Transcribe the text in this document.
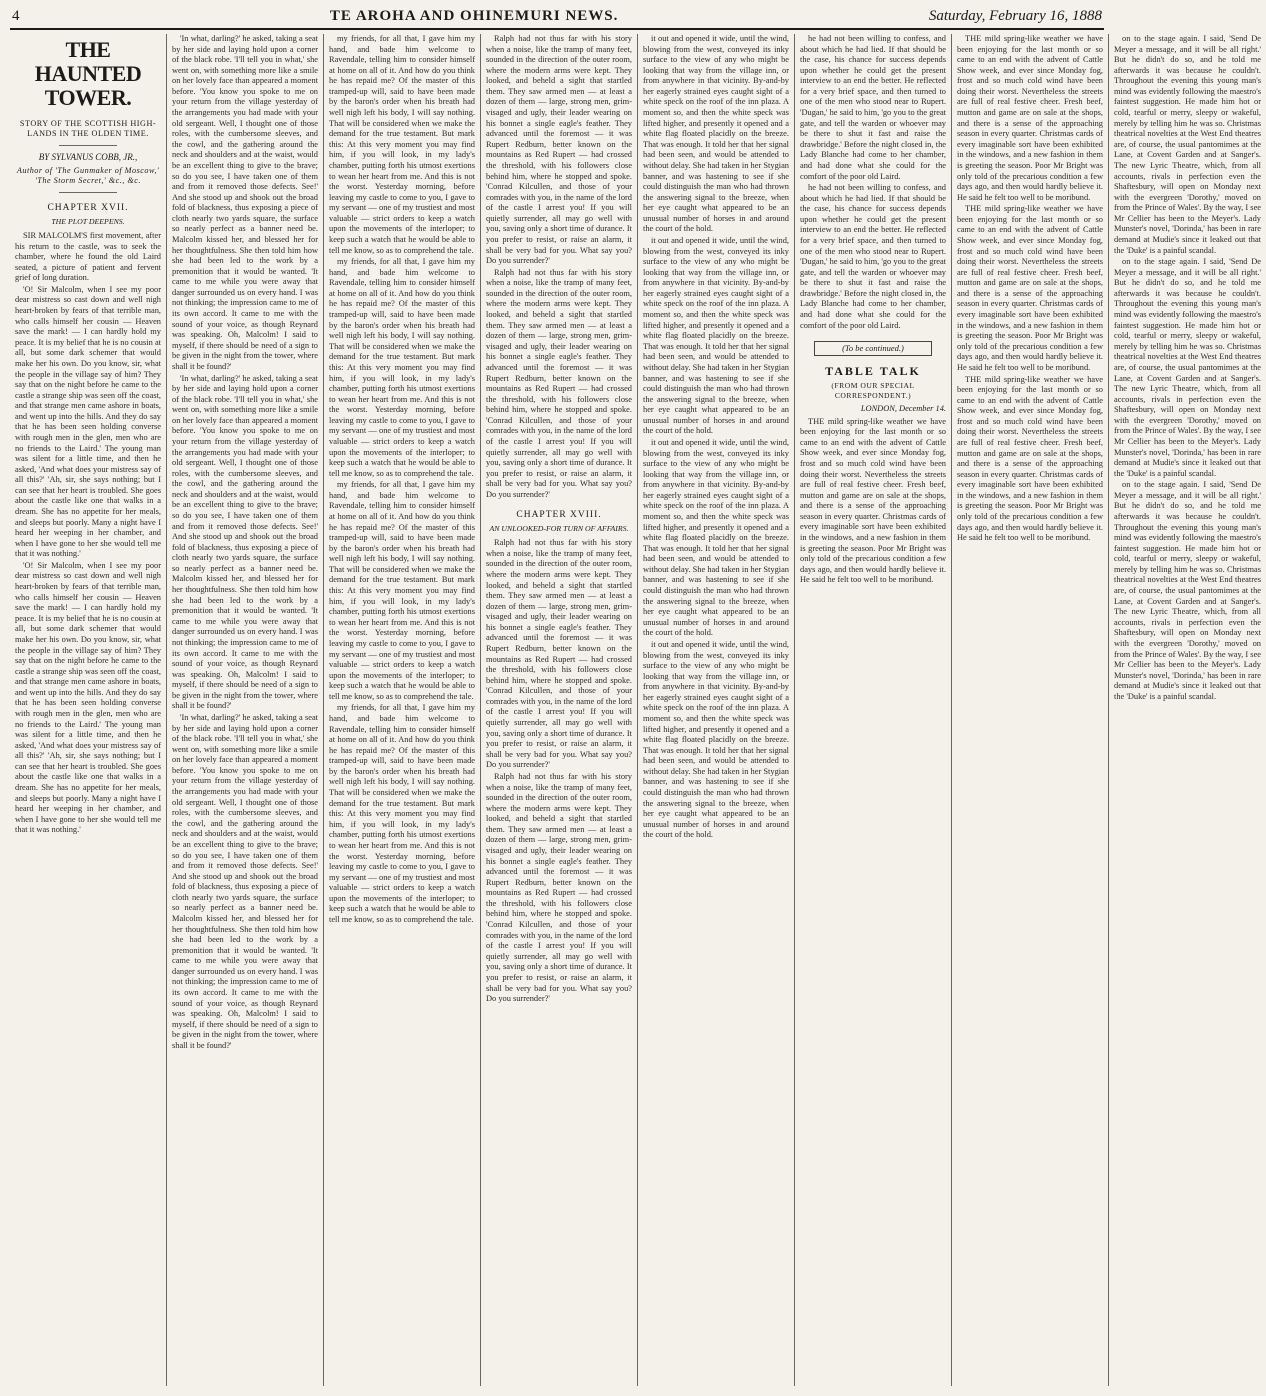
4	TE AROHA AND OHINEMURI NEWS.	Saturday, February 16, 1888
THE HAUNTED TOWER.

STORY OF THE SCOTTISH HIGH-LANDS IN THE OLDEN TIME.

BY SYLVANUS COBB, JR.,

Author of 'The Gunmaker of Moscow,' 'The Storm Secret,' &c., &c.

CHAPTER XVII.
THE PLOT DEEPENS.

SIR MALCOLM'S first movement, after his return to the castle, was to seek the chamber, where he found the old Laird seated, a picture of patient and fervent grief of long duration.

'O! Sir Malcolm, when I see my poor dear mistress so cast down and well nigh heart-broken by fears of that terrible man, who calls himself her cousin — Heaven save the mark! — I can hardly hold my peace. It is my belief that he is no cousin at all, but some dark schemer that would make her his own. Do you know, sir, what the people in the village say of him? They say that on the night before he came to the castle a strange ship was seen off the coast, and that strange men came ashore in boats, and went up into the hills. And they do say that he has been seen holding converse with rough men in the glen, men who are no friends to the Laird.' The young man was silent for a little time, and then he asked, 'And what does your mistress say of all this?' 'Ah, sir, she says nothing; but I can see that her heart is troubled. She goes about the castle like one that walks in a dream. She has no appetite for her meals, and sleeps but poorly. Many a night have I heard her weeping in her chamber, and when I have gone to her she would tell me that it was nothing.'

'O! Sir Malcolm, when I see my poor dear mistress so cast down and well nigh heart-broken by fears of that terrible man, who calls himself her cousin — Heaven save the mark! — I can hardly hold my peace. It is my belief that he is no cousin at all, but some dark schemer that would make her his own. Do you know, sir, what the people in the village say of him? They say that on the night before he came to the castle a strange ship was seen off the coast, and that strange men came ashore in boats, and went up into the hills. And they do say that he has been seen holding converse with rough men in the glen, men who are no friends to the Laird.' The young man was silent for a little time, and then he asked, 'And what does your mistress say of all this?' 'Ah, sir, she says nothing; but I can see that her heart is troubled. She goes about the castle like one that walks in a dream. She has no appetite for her meals, and sleeps but poorly. Many a night have I heard her weeping in her chamber, and when I have gone to her she would tell me that it was nothing.'

'In what, darling?' he asked, taking a seat by her side and laying hold upon a corner of the black robe. 'I'll tell you in what,' she went on, with something more like a smile on her lovely face than appeared a moment before. 'You know you spoke to me on your return from the village yesterday of the arrangements you had made with your old sergeant. Well, I thought one of those roles, with the cumbersome sleeves, and the cowl, and the gathering around the neck and shoulders and at the waist, would be an excellent thing to give to the brave; so do you see, I have taken one of them and from it removed those defects. See!' And she stood up and shook out the broad fold of blackness, thus exposing a piece of cloth nearly two yards square, the surface so nearly perfect as a banner need be. Malcolm kissed her, and blessed her for her thoughtfulness. She then told him how she had been led to the work by a premonition that it would be wanted. 'It came to me while you were away that danger surrounded us on every hand. I was not thinking; the impression came to me of its own accord. It came to me with the sound of your voice, as though Reynard was speaking. Oh, Malcolm! I said to myself, if there should be need of a sign to be given in the night from the tower, where shall it be found?'

'In what, darling?' he asked, taking a seat by her side and laying hold upon a corner of the black robe. 'I'll tell you in what,' she went on, with something more like a smile on her lovely face than appeared a moment before. 'You know you spoke to me on your return from the village yesterday of the arrangements you had made with your old sergeant. Well, I thought one of those roles, with the cumbersome sleeves, and the cowl, and the gathering around the neck and shoulders and at the waist, would be an excellent thing to give to the brave; so do you see, I have taken one of them and from it removed those defects. See!' And she stood up and shook out the broad fold of blackness, thus exposing a piece of cloth nearly two yards square, the surface so nearly perfect as a banner need be. Malcolm kissed her, and blessed her for her thoughtfulness. She then told him how she had been led to the work by a premonition that it would be wanted. 'It came to me while you were away that danger surrounded us on every hand. I was not thinking; the impression came to me of its own accord. It came to me with the sound of your voice, as though Reynard was speaking. Oh, Malcolm! I said to myself, if there should be need of a sign to be given in the night from the tower, where shall it be found?'

'In what, darling?' he asked, taking a seat by her side and laying hold upon a corner of the black robe. 'I'll tell you in what,' she went on, with something more like a smile on her lovely face than appeared a moment before. 'You know you spoke to me on your return from the village yesterday of the arrangements you had made with your old sergeant. Well, I thought one of those roles, with the cumbersome sleeves, and the cowl, and the gathering around the neck and shoulders and at the waist, would be an excellent thing to give to the brave; so do you see, I have taken one of them and from it removed those defects. See!' And she stood up and shook out the broad fold of blackness, thus exposing a piece of cloth nearly two yards square, the surface so nearly perfect as a banner need be. Malcolm kissed her, and blessed her for her thoughtfulness. She then told him how she had been led to the work by a premonition that it would be wanted. 'It came to me while you were away that danger surrounded us on every hand. I was not thinking; the impression came to me of its own accord. It came to me with the sound of your voice, as though Reynard was speaking. Oh, Malcolm! I said to myself, if there should be need of a sign to be given in the night from the tower, where shall it be found?'

my friends, for all that, I gave him my hand, and bade him welcome to Ravendale, telling him to consider himself at home on all of it. And how do you think he has repaid me? Of the master of this tramped-up will, said to have been made by the baron's order when his breath had well nigh left his body, I will say nothing. That will be considered when we make the demand for the true testament. But mark this: At this very moment you may find him, if you will look, in my lady's chamber, putting forth his utmost exertions to wean her heart from me. And this is not the worst. Yesterday morning, before leaving my castle to come to you, I gave to my servant — one of my trustiest and most valuable — strict orders to keep a watch upon the movements of the interloper; to keep such a watch that he would be able to tell me know, so as to comprehend the tale.

my friends, for all that, I gave him my hand, and bade him welcome to Ravendale, telling him to consider himself at home on all of it. And how do you think he has repaid me? Of the master of this tramped-up will, said to have been made by the baron's order when his breath had well nigh left his body, I will say nothing. That will be considered when we make the demand for the true testament. But mark this: At this very moment you may find him, if you will look, in my lady's chamber, putting forth his utmost exertions to wean her heart from me. And this is not the worst. Yesterday morning, before leaving my castle to come to you, I gave to my servant — one of my trustiest and most valuable — strict orders to keep a watch upon the movements of the interloper; to keep such a watch that he would be able to tell me know, so as to comprehend the tale.

my friends, for all that, I gave him my hand, and bade him welcome to Ravendale, telling him to consider himself at home on all of it. And how do you think he has repaid me? Of the master of this tramped-up will, said to have been made by the baron's order when his breath had well nigh left his body, I will say nothing. That will be considered when we make the demand for the true testament. But mark this: At this very moment you may find him, if you will look, in my lady's chamber, putting forth his utmost exertions to wean her heart from me. And this is not the worst. Yesterday morning, before leaving my castle to come to you, I gave to my servant — one of my trustiest and most valuable — strict orders to keep a watch upon the movements of the interloper; to keep such a watch that he would be able to tell me know, so as to comprehend the tale.

my friends, for all that, I gave him my hand, and bade him welcome to Ravendale, telling him to consider himself at home on all of it. And how do you think he has repaid me? Of the master of this tramped-up will, said to have been made by the baron's order when his breath had well nigh left his body, I will say nothing. That will be considered when we make the demand for the true testament. But mark this: At this very moment you may find him, if you will look, in my lady's chamber, putting forth his utmost exertions to wean her heart from me. And this is not the worst. Yesterday morning, before leaving my castle to come to you, I gave to my servant — one of my trustiest and most valuable — strict orders to keep a watch upon the movements of the interloper; to keep such a watch that he would be able to tell me know, so as to comprehend the tale.

Ralph had not thus far with his story when a noise, like the tramp of many feet, sounded in the direction of the outer room, where the modern arms were kept. They looked, and beheld a sight that startled them. They saw armed men — at least a dozen of them — large, strong men, grim-visaged and ugly, their leader wearing on his bonnet a single eagle's feather. They advanced until the foremost — it was Rupert Redburn, better known on the mountains as Red Rupert — had crossed the threshold, with his followers close behind him, where he stopped and spoke. 'Conrad Kilcullen, and those of your comrades with you, in the name of the lord of the castle I arrest you! If you will quietly surrender, all may go well with you, saving only a short time of durance. It you prefer to resist, or raise an alarm, it shall be very bad for you. What say you? Do you surrender?'

Ralph had not thus far with his story when a noise, like the tramp of many feet, sounded in the direction of the outer room, where the modern arms were kept. They looked, and beheld a sight that startled them. They saw armed men — at least a dozen of them — large, strong men, grim-visaged and ugly, their leader wearing on his bonnet a single eagle's feather. They advanced until the foremost — it was Rupert Redburn, better known on the mountains as Red Rupert — had crossed the threshold, with his followers close behind him, where he stopped and spoke. 'Conrad Kilcullen, and those of your comrades with you, in the name of the lord of the castle I arrest you! If you will quietly surrender, all may go well with you, saving only a short time of durance. It you prefer to resist, or raise an alarm, it shall be very bad for you. What say you? Do you surrender?'

CHAPTER XVIII.
AN UNLOOKED-FOR TURN OF AFFAIRS.

Ralph had not thus far with his story when a noise, like the tramp of many feet, sounded in the direction of the outer room, where the modern arms were kept. They looked, and beheld a sight that startled them. They saw armed men — at least a dozen of them — large, strong men, grim-visaged and ugly, their leader wearing on his bonnet a single eagle's feather. They advanced until the foremost — it was Rupert Redburn, better known on the mountains as Red Rupert — had crossed the threshold, with his followers close behind him, where he stopped and spoke. 'Conrad Kilcullen, and those of your comrades with you, in the name of the lord of the castle I arrest you! If you will quietly surrender, all may go well with you, saving only a short time of durance. It you prefer to resist, or raise an alarm, it shall be very bad for you. What say you? Do you surrender?'

Ralph had not thus far with his story when a noise, like the tramp of many feet, sounded in the direction of the outer room, where the modern arms were kept. They looked, and beheld a sight that startled them. They saw armed men — at least a dozen of them — large, strong men, grim-visaged and ugly, their leader wearing on his bonnet a single eagle's feather. They advanced until the foremost — it was Rupert Redburn, better known on the mountains as Red Rupert — had crossed the threshold, with his followers close behind him, where he stopped and spoke. 'Conrad Kilcullen, and those of your comrades with you, in the name of the lord of the castle I arrest you! If you will quietly surrender, all may go well with you, saving only a short time of durance. It you prefer to resist, or raise an alarm, it shall be very bad for you. What say you? Do you surrender?'

it out and opened it wide, until the wind, blowing from the west, conveyed its inky surface to the view of any who might be looking that way from the village inn, or from anywhere in that vicinity. By-and-by her eagerly strained eyes caught sight of a white speck on the roof of the inn plaza. A moment so, and then the white speck was lifted higher, and presently it opened and a white flag floated placidly on the breeze. That was enough. It told her that her signal had been seen, and would be attended to without delay. She had taken in her Stygian banner, and was hastening to see if she could distinguish the man who had thrown the answering signal to the breeze, when her eye caught what appeared to be an unusual number of horses in and around the court of the hold.

it out and opened it wide, until the wind, blowing from the west, conveyed its inky surface to the view of any who might be looking that way from the village inn, or from anywhere in that vicinity. By-and-by her eagerly strained eyes caught sight of a white speck on the roof of the inn plaza. A moment so, and then the white speck was lifted higher, and presently it opened and a white flag floated placidly on the breeze. That was enough. It told her that her signal had been seen, and would be attended to without delay. She had taken in her Stygian banner, and was hastening to see if she could distinguish the man who had thrown the answering signal to the breeze, when her eye caught what appeared to be an unusual number of horses in and around the court of the hold.

it out and opened it wide, until the wind, blowing from the west, conveyed its inky surface to the view of any who might be looking that way from the village inn, or from anywhere in that vicinity. By-and-by her eagerly strained eyes caught sight of a white speck on the roof of the inn plaza. A moment so, and then the white speck was lifted higher, and presently it opened and a white flag floated placidly on the breeze. That was enough. It told her that her signal had been seen, and would be attended to without delay. She had taken in her Stygian banner, and was hastening to see if she could distinguish the man who had thrown the answering signal to the breeze, when her eye caught what appeared to be an unusual number of horses in and around the court of the hold.

it out and opened it wide, until the wind, blowing from the west, conveyed its inky surface to the view of any who might be looking that way from the village inn, or from anywhere in that vicinity. By-and-by her eagerly strained eyes caught sight of a white speck on the roof of the inn plaza. A moment so, and then the white speck was lifted higher, and presently it opened and a white flag floated placidly on the breeze. That was enough. It told her that her signal had been seen, and would be attended to without delay. She had taken in her Stygian banner, and was hastening to see if she could distinguish the man who had thrown the answering signal to the breeze, when her eye caught what appeared to be an unusual number of horses in and around the court of the hold.

he had not been willing to confess, and about which he had lied. If that should be the case, his chance for success depends upon whether he could get the present interview to an end the better. He reflected for a very brief space, and then turned to one of the men who stood near to Rupert. 'Dugan,' he said to him, 'go you to the great gate, and tell the warden or whoever may be there to shut it fast and raise the drawbridge.' Before the night closed in, the Lady Blanche had come to her chamber, and had done what she could for the comfort of the poor old Laird.

he had not been willing to confess, and about which he had lied. If that should be the case, his chance for success depends upon whether he could get the present interview to an end the better. He reflected for a very brief space, and then turned to one of the men who stood near to Rupert. 'Dugan,' he said to him, 'go you to the great gate, and tell the warden or whoever may be there to shut it fast and raise the drawbridge.' Before the night closed in, the Lady Blanche had come to her chamber, and had done what she could for the comfort of the poor old Laird.

(To be continued.)
TABLE TALK
(FROM OUR SPECIAL CORRESPONDENT.)
LONDON, December 14.

THE mild spring-like weather we have been enjoying for the last month or so came to an end with the advent of Cattle Show week, and ever since Monday fog, frost and so much cold wind have been doing their worst. Nevertheless the streets are full of real festive cheer. Fresh beef, mutton and game are on sale at the shops, and there is a sense of the approaching season in every quarter. Christmas cards of every imaginable sort have been exhibited in the windows, and a new fashion in them is greeting the season. Poor Mr Bright was only told of the precarious condition a few days ago, and then would hardly believe it. He said he felt too well to be moribund.

THE mild spring-like weather we have been enjoying for the last month or so came to an end with the advent of Cattle Show week, and ever since Monday fog, frost and so much cold wind have been doing their worst. Nevertheless the streets are full of real festive cheer. Fresh beef, mutton and game are on sale at the shops, and there is a sense of the approaching season in every quarter. Christmas cards of every imaginable sort have been exhibited in the windows, and a new fashion in them is greeting the season. Poor Mr Bright was only told of the precarious condition a few days ago, and then would hardly believe it. He said he felt too well to be moribund.

THE mild spring-like weather we have been enjoying for the last month or so came to an end with the advent of Cattle Show week, and ever since Monday fog, frost and so much cold wind have been doing their worst. Nevertheless the streets are full of real festive cheer. Fresh beef, mutton and game are on sale at the shops, and there is a sense of the approaching season in every quarter. Christmas cards of every imaginable sort have been exhibited in the windows, and a new fashion in them is greeting the season. Poor Mr Bright was only told of the precarious condition a few days ago, and then would hardly believe it. He said he felt too well to be moribund.

THE mild spring-like weather we have been enjoying for the last month or so came to an end with the advent of Cattle Show week, and ever since Monday fog, frost and so much cold wind have been doing their worst. Nevertheless the streets are full of real festive cheer. Fresh beef, mutton and game are on sale at the shops, and there is a sense of the approaching season in every quarter. Christmas cards of every imaginable sort have been exhibited in the windows, and a new fashion in them is greeting the season. Poor Mr Bright was only told of the precarious condition a few days ago, and then would hardly believe it. He said he felt too well to be moribund.

on to the stage again. I said, 'Send De Meyer a message, and it will be all right.' But he didn't do so, and he told me afterwards it was because he couldn't. Throughout the evening this young man's mind was evidently following the maestro's faintest suggestion. He made him hot or cold, tearful or merry, sleepy or wakeful, merely by telling him he was so. Christmas theatrical novelties at the West End theatres are, of course, the usual pantomimes at the Lane, at Covent Garden and at Sanger's. The new Lyric Theatre, which, from all accounts, rivals in perfection even the Shaftesbury, will open on Monday next with the evergreen 'Dorothy,' moved on from the Prince of Wales'. By the way, I see Mr Cellier has been to the Meyer's. Lady Munster's novel, 'Dorinda,' has been in rare demand at Mudie's since it leaked out that the 'Duke' is a painful scandal.

on to the stage again. I said, 'Send De Meyer a message, and it will be all right.' But he didn't do so, and he told me afterwards it was because he couldn't. Throughout the evening this young man's mind was evidently following the maestro's faintest suggestion. He made him hot or cold, tearful or merry, sleepy or wakeful, merely by telling him he was so. Christmas theatrical novelties at the West End theatres are, of course, the usual pantomimes at the Lane, at Covent Garden and at Sanger's. The new Lyric Theatre, which, from all accounts, rivals in perfection even the Shaftesbury, will open on Monday next with the evergreen 'Dorothy,' moved on from the Prince of Wales'. By the way, I see Mr Cellier has been to the Meyer's. Lady Munster's novel, 'Dorinda,' has been in rare demand at Mudie's since it leaked out that the 'Duke' is a painful scandal.

on to the stage again. I said, 'Send De Meyer a message, and it will be all right.' But he didn't do so, and he told me afterwards it was because he couldn't. Throughout the evening this young man's mind was evidently following the maestro's faintest suggestion. He made him hot or cold, tearful or merry, sleepy or wakeful, merely by telling him he was so. Christmas theatrical novelties at the West End theatres are, of course, the usual pantomimes at the Lane, at Covent Garden and at Sanger's. The new Lyric Theatre, which, from all accounts, rivals in perfection even the Shaftesbury, will open on Monday next with the evergreen 'Dorothy,' moved on from the Prince of Wales'. By the way, I see Mr Cellier has been to the Meyer's. Lady Munster's novel, 'Dorinda,' has been in rare demand at Mudie's since it leaked out that the 'Duke' is a painful scandal.
